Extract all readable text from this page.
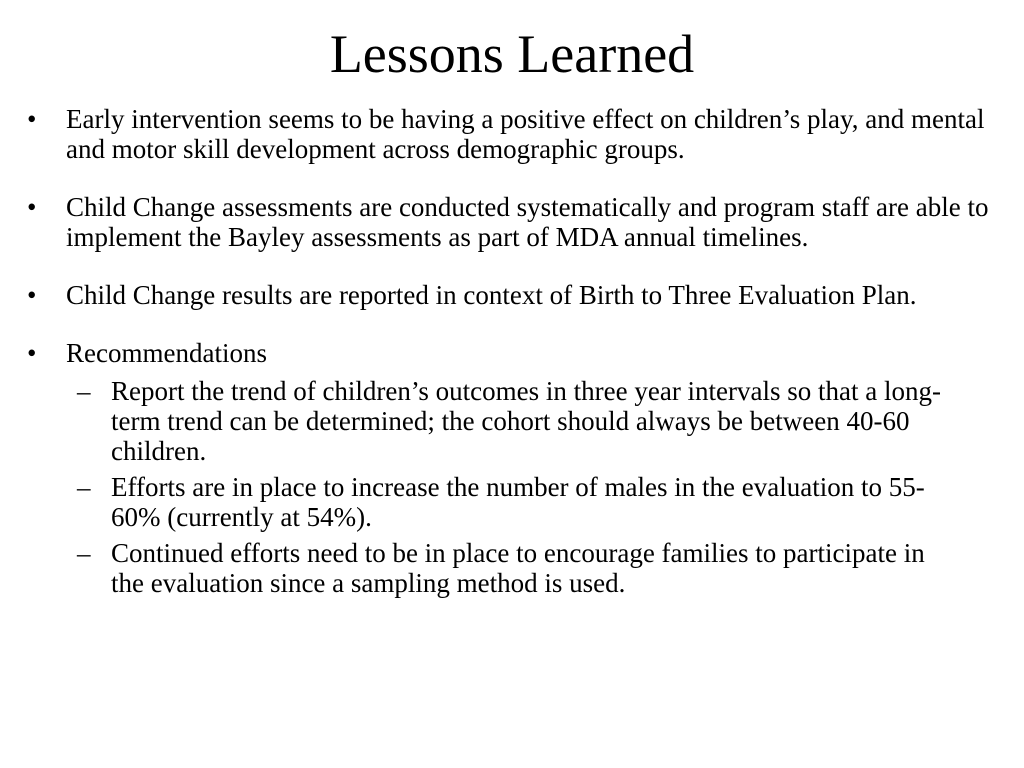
Lessons Learned
• Early intervention seems to be having a positive effect on children’s play, and mental and motor skill development across demographic groups.
• Child Change assessments are conducted systematically and program staff are able to implement the Bayley assessments as part of MDA annual timelines.
• Child Change results are reported in context of Birth to Three Evaluation Plan.
• Recommendations
– Report the trend of children’s outcomes in three year intervals so that a long-term trend can be determined; the cohort should always be between 40-60 children.
– Efforts are in place to increase the number of males in the evaluation to 55-60% (currently at 54%).
– Continued efforts need to be in place to encourage families to participate in the evaluation since a sampling method is used.
